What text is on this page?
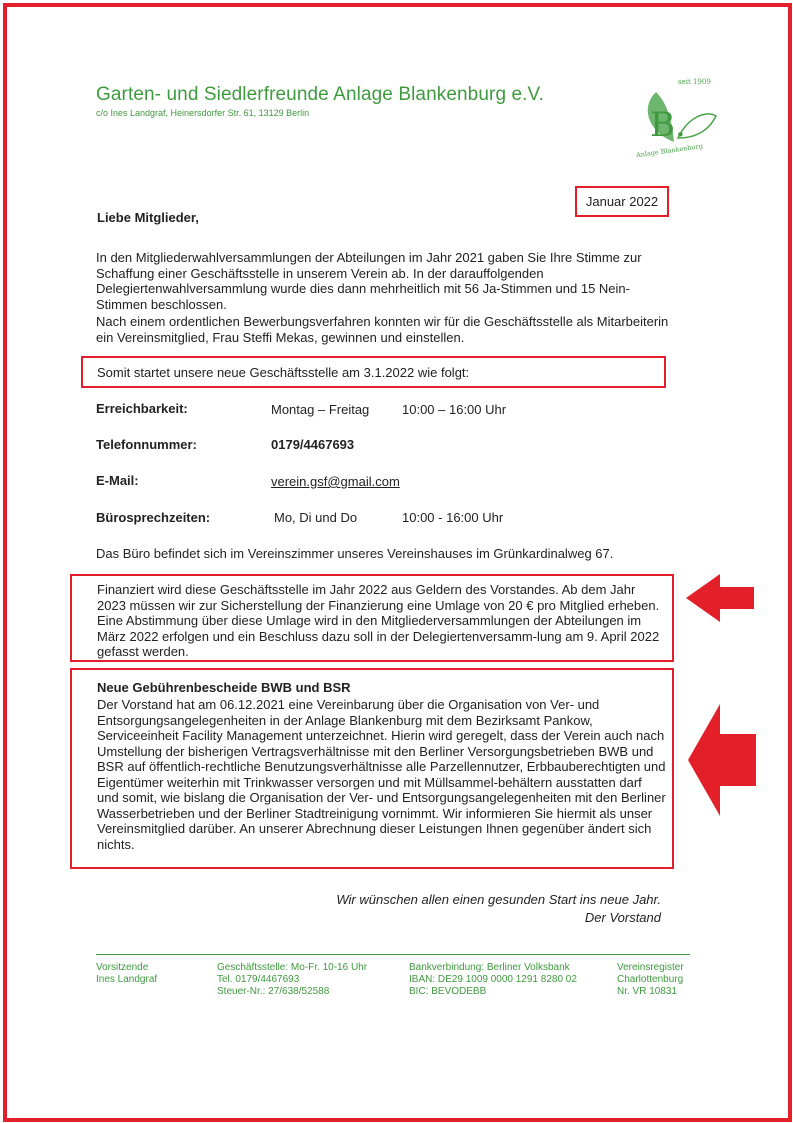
Garten- und Siedlerfreunde Anlage Blankenburg e.V.
c/o Ines Landgraf, Heinersdorfer Str. 61, 13129 Berlin
seit 1909
B.
Anlage Blankenburg
Januar 2022
Liebe Mitglieder,
In den Mitgliederwahlversammlungen der Abteilungen im Jahr 2021 gaben Sie Ihre Stimme zur Schaffung einer Geschäftsstelle in unserem Verein ab. In der darauffolgenden Delegiertenwahlversammlung wurde dies dann mehrheitlich mit 56 Ja-Stimmen und 15 Nein-Stimmen beschlossen.
Nach einem ordentlichen Bewerbungsverfahren konnten wir für die Geschäftsstelle als Mitarbeiterin ein Vereinsmitglied, Frau Steffi Mekas, gewinnen und einstellen.
Somit startet unsere neue Geschäftsstelle am 3.1.2022 wie folgt:
Erreichbarkeit:	Montag – Freitag	10:00 – 16:00 Uhr
Telefonnummer:	0179/4467693
E-Mail:	verein.gsf@gmail.com
Bürosprechzeiten:	Mo, Di und Do	10:00 - 16:00 Uhr
Das Büro befindet sich im Vereinszimmer unseres Vereinshauses im Grünkardinalweg 67.
Finanziert wird diese Geschäftsstelle im Jahr 2022 aus Geldern des Vorstandes. Ab dem Jahr 2023 müssen wir zur Sicherstellung der Finanzierung eine Umlage von 20 € pro Mitglied erheben. Eine Abstimmung über diese Umlage wird in den Mitgliederversammlungen der Abteilungen im März 2022 erfolgen und ein Beschluss dazu soll in der Delegiertenversamm-lung am 9. April 2022 gefasst werden.
Neue Gebührenbescheide BWB und BSR
Der Vorstand hat am 06.12.2021 eine Vereinbarung über die Organisation von Ver- und Entsorgungsangelegenheiten in der Anlage Blankenburg mit dem Bezirksamt Pankow, Serviceeinheit Facility Management unterzeichnet. Hierin wird geregelt, dass der Verein auch nach Umstellung der bisherigen Vertragsverhältnisse mit den Berliner Versorgungsbetrieben BWB und BSR auf öffentlich-rechtliche Benutzungsverhältnisse alle Parzellennutzer, Erbbauberechtigten und Eigentümer weiterhin mit Trinkwasser versorgen und mit Müllsammel-behältern ausstatten darf und somit, wie bislang die Organisation der Ver- und Entsorgungsangelegenheiten mit den Berliner Wasserbetrieben und der Berliner Stadtreinigung vornimmt. Wir informieren Sie hiermit als unser Vereinsmitglied darüber. An unserer Abrechnung dieser Leistungen Ihnen gegenüber ändert sich nichts.
Wir wünschen allen einen gesunden Start ins neue Jahr.
Der Vorstand
Vorsitzende
Ines Landgraf
Geschäftsstelle: Mo-Fr. 10-16 Uhr
Tel. 0179/4467693
Steuer-Nr.: 27/638/52588
Bankverbindung: Berliner Volksbank
IBAN: DE29 1009 0000 1291 8280 02
BIC: BEVODEBB
Vereinsregister
Charlottenburg
Nr. VR 10831
